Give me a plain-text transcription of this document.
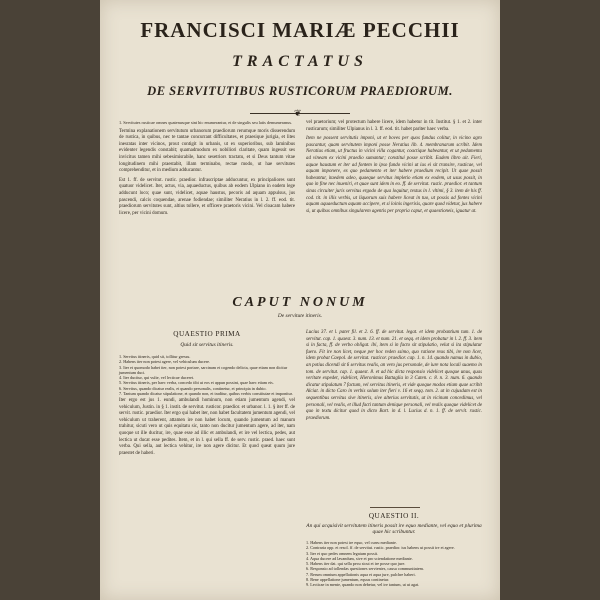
FRANCISCI MARIÆ PECCHII
TRACTATUS
DE SERVITUTIBUS RUSTICORUM PRAEDIORUM.
❦

1. Servitutes rusticae omnes quatenusque sint hic enumerantur, et de singulis seu latis demumeranus.

Termina explanationem servitutum urbanorum praediorum rerumque moris disserendum de rustica, in quibus, nec te tantae concurrant difficultates, et praesique jurigia, et lites inesratas inter vicinos, prout contigit in urbanis, ut ex superioribus, sub laminibus evidenter legendis constabit; quamadmodum ex nobiliori claritate, quam ingessit ses invicitus tamen mihi sebesimisrabile, hanc sesetriors tractatu, et si Deus tantum vitae longitudinem mihi praestabit, illam terminabo, rectae modo, ut hae servitutes comprehenditur, et in medium adducantur.

Est 1. ff. de servitut. rustic. praedior. infrascriptae adducuntur, ex principaliores sunt quatuor videlicet. Iter, actus, via, aquaeductus, quibus ab eodem Ulpiano in eadem lege adducunt loco; quae sunt, videlicet, aquae haustus, pecoris ad aquam appulsus, jus pascendi, calcis coquendae, arenae fodiendae; similiter Neratius in l. 2. ff. eod. tit. praediorum servitutes sunt, altius tollere, et officere praetoris vicini. Vel cloacam habere licere, per vicini domum.

vel praetorium; vel protectum habere licere, idem habetur in tit. Institut. § 1. et 2. inter rusticarum; similiter Ulpianus in l. 3. ff. eod. tit. habet pariter haec verba.

Item ne possent servitutis imponi, ut et boves per quos fundus colitur, in vicino agro pascantur, quam servitutem imponi posse Neratius lib. 4. membranarum scribit. Idem Neratius etiam, ut fructus in vicini villa cogantur, coactique habeantur, et ut pedamenta ad vineam ex vicini praedio sumantur; constitui posse scribit. Eadem libro ait. Fieri, aquae haustum et iter ad fontem in ipso fundo vicini ut ius ei sit transire, rusticae, vel aquam imponere, ex quo pedamento et iter habere praedium recipit. Ut quae possit habeantur, itaedem adeo, quaeque servitus impletio etiam ex eodem, ut usus possit, in quo in fine nec inueniri, et quae sunt idem in eo. ff. de servitut. rustic. praedior. et tantum sinas circuiter juris servitus ergodo de qua loquitur, textus in l. vltimi, § 3. item de his ff. cod. tit. in illis verbis, ut liquorum suis habere liceat in tuo, ut possis ad fontes vicini aquam aquaeductum aquam accipere, et si loinis ingerisis, quare quod videtur, jus habere si, ut quibus omnibus singularem agentis per propria caput, et quaestioneis, iguatur at.

CAPUT NONUM
De servitute itineris.
QUAESTIO PRIMA
Quid sit servitus itineris.
1. Servitus itineris, quid sit, tollitur gressu.
2. Habens iter non potest agere, vel vehiculum ducere.
3. Iter et quomodo habet iter, non potest portare, sarcinam et cogendo delicta, quae etiam non dicitur jumentum duci.
4. Iter ducitur, qui vulte, vel lecticae duceret.
5. Servitus itineris, per haec verba, concedo tibi ut eos et appun possint, quae haec etiam eis.
6. Servitus, quando dicatur realis, et quando personalis, continetur, et principia in dubio.
7. Tantum quando dicatur stipulatione, et quando non, et traditur, quibus verbis constitutae et imponitur.

Iter ergo est jus 1. eundi, ambulandi hominum, non etiam jumentum agendi, vel vehiculum, Justin. in § 1. instit. de servitut. rusticor. praedior. et urbanor. l. 1. § iter ff. de servit. rustic. praedior. Iter ergo qui habet iter, non habet facultatem jumentum agendi, vel vehiculum ut traherent, attamen ire non habet locum, quando jumentum ad manum trahitur, sicuti vero ut quis equitatu sic, tanto non ducitur jumentum agere, ad iter, nam quoque ut ille ducitur, ire, quae esse ad illic et ambulandi, et ire vel lectica, pedes, aut lectica ut ducat esse pedites. Item, et in l. qui sella ff. de serv. rustic. praed. haec sunt verba. Qui sella, aut lectica vehitur, ire non agere dicitur. Et quod queat quum jure praestet de haberi.

Lucius 37. et l. pater fil. et 2. 6. ff. de servitut. legat. et idem probantium tum. 1. de servitut. cap. 1. quaest. 3. num. 13. et num. 21. et seqq. et idem probatur in l. 2. ff. 3. item si in facta, ff. de verbo obligat. ibi, item si in facto sit stipulatio, velut si ita stipulatur fuero. Fit ire non licet, neque per hoc reden ssimo, quo ratione reus tibi, ire non licet, idem probat Caepol. de servitut. rusticor. praedior. cap. 1. n. 14. quando namus in dubio, an potius dicendi sit 6 servitus realis, an vero jus personale, de iure nota locali suaemo in tom. de servitut. cap. 1. quaest. 8. et ad hic dicta responsio videlicet quoque unus, quas veritate expedet, videlicet, Hieronimus Battaglia in 3 Caten. c. 8. n. 3. num. 6. quando dicatur stipulatum 7 factum, vel servitus itineris, et vide quoque modos etiam quae scribit Alciat. in dicto Caro in verbis solum iter fieri v. 16 et seqq. tom. 2. ut in cujusdam est in sequentibus servitus sive itineris, sive alterius servitutis, ut in vicinum concedimus, vel personali, vel realis, et illud facti tantum denique personali, vel realis quoque videlicet de quo in textu dicitur quod in dicto Bart. in d. l. Lucius d. n. 1. ff. de servit. rustic. praediorum.

QUAESTIO II.
An qui acquisivit servitutem itineris possit ire equo mediante, vel equo et plurima quae hic scribuntur.
1. Habens iter non potest ire equo, vel curru mediante.
2. Contraria opp. et resol. ff. de servitut. rustic. praedior. ius habens ut possit ire et agere.
3. Iter et quo pedes omnem legatum possit.
4. Aqua ducere ad lavandum, sive et pro sciendatione mediante.
5. Habens iter dat. qui sella pecu sicut et ire posse quo jure.
6. Responsio ad tollendas questiones servientes, causa communitatem.
7. Rerum omnium appellationis aqua et aqua jure, pulchre haberi.
8. Bene appellatione jumentum, equus continetur.
9. Lecticae in mente, quando non debetur, vel ire tantum, ut ut agat.
